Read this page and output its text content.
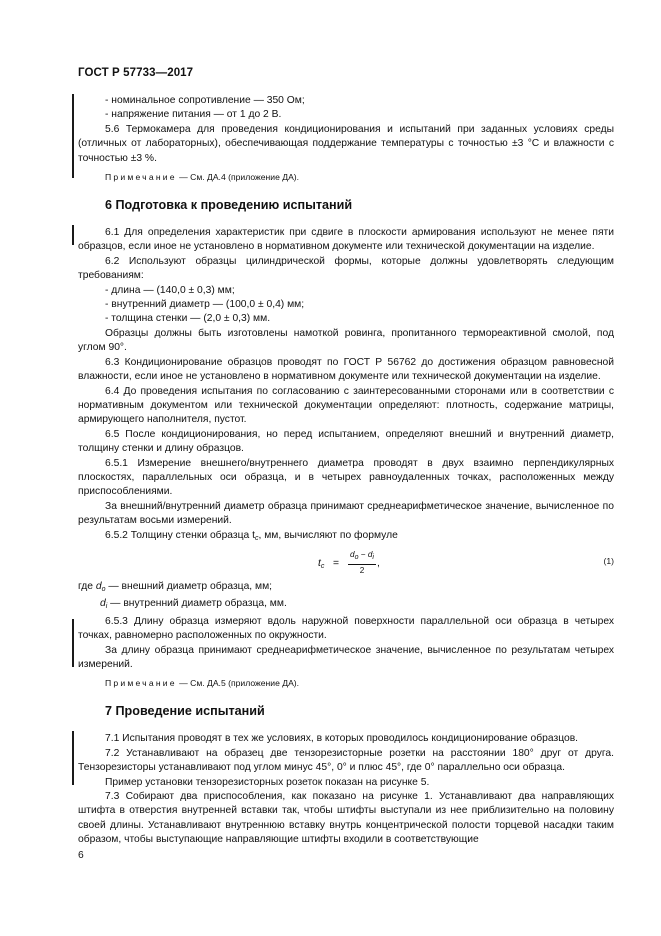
ГОСТ Р 57733—2017

- номинальное сопротивление — 350 Ом;

- напряжение питания — от 1 до 2 В.

5.6 Термокамера для проведения кондиционирования и испытаний при заданных условиях среды (отличных от лабораторных), обеспечивающая поддержание температуры с точностью ±3 °С и влажности с точностью ±3 %.

Примечание — См. ДА.4 (приложение ДА).

6 Подготовка к проведению испытаний

6.1 Для определения характеристик при сдвиге в плоскости армирования используют не менее пяти образцов, если иное не установлено в нормативном документе или технической документации на изделие.

6.2 Используют образцы цилиндрической формы, которые должны удовлетворять следующим требованиям:

- длина — (140,0 ± 0,3) мм;

- внутренний диаметр — (100,0 ± 0,4) мм;

- толщина стенки — (2,0 ± 0,3) мм.

Образцы должны быть изготовлены намоткой ровинга, пропитанного термореактивной смолой, под углом 90°.

6.3 Кондиционирование образцов проводят по ГОСТ Р 56762 до достижения образцом равновесной влажности, если иное не установлено в нормативном документе или технической документации на изделие.

6.4 До проведения испытания по согласованию с заинтересованными сторонами или в соответствии с нормативным документом или технической документации определяют: плотность, содержание матрицы, армирующего наполнителя, пустот.

6.5 После кондиционирования, но перед испытанием, определяют внешний и внутренний диаметр, толщину стенки и длину образцов.

6.5.1 Измерение внешнего/внутреннего диаметра проводят в двух взаимно перпендикулярных плоскостях, параллельных оси образца, и в четырех равноудаленных точках, расположенных между приспособлениями.

За внешний/внутренний диаметр образца принимают среднеарифметическое значение, вычисленное по результатам восьми измерений.

6.5.2 Толщину стенки образца $t_c$, мм, вычисляют по формуле

$t_c = \frac{do - di}{2}$ ,	(1)

где $d_o$ — внешний диаметр образца, мм;

$d_i$ — внутренний диаметр образца, мм.

6.5.3 Длину образца измеряют вдоль наружной поверхности параллельной оси образца в четырех точках, равномерно расположенных по окружности.

За длину образца принимают среднеарифметическое значение, вычисленное по результатам четырех измерений.

Примечание — См. ДА.5 (приложение ДА).

7 Проведение испытаний

7.1 Испытания проводят в тех же условиях, в которых проводилось кондиционирование образцов.

7.2 Устанавливают на образец две тензорезисторные розетки на расстоянии 180° друг от друга. Тензорезисторы устанавливают под углом минус 45°, 0° и плюс 45°, где 0° параллельно оси образца.

Пример установки тензорезисторных розеток показан на рисунке 5.

7.3 Собирают два приспособления, как показано на рисунке 1. Устанавливают два направляющих штифта в отверстия внутренней вставки так, чтобы штифты выступали из нее приблизительно на половину своей длины. Устанавливают внутреннюю вставку внутрь концентрической полости торцевой насадки таким образом, чтобы выступающие направляющие штифты входили в соответствующие

6
